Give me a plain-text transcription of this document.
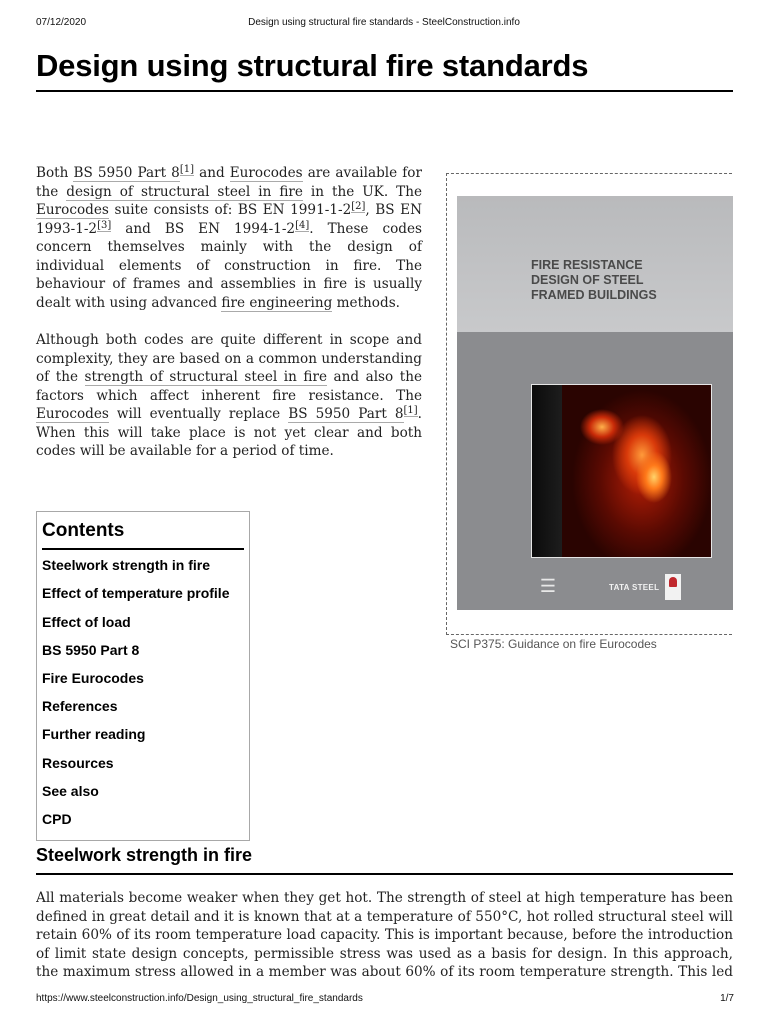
07/12/2020	Design using structural fire standards - SteelConstruction.info
Design using structural fire standards

Both BS 5950 Part 8[1] and Eurocodes are available for the design of structural steel in fire in the UK. The Eurocodes suite consists of: BS EN 1991-1-2[2], BS EN 1993-1-2[3] and BS EN 1994-1-2[4]. These codes concern themselves mainly with the design of individual elements of construction in fire. The behaviour of frames and assemblies in fire is usually dealt with using advanced fire engineering methods.

Although both codes are quite different in scope and complexity, they are based on a common understanding of the strength of structural steel in fire and also the factors which affect inherent fire resistance. The Eurocodes will eventually replace BS 5950 Part 8[1]. When this will take place is not yet clear and both codes will be available for a period of time.

FIRE RESISTANCE
DESIGN OF STEEL
FRAMED BUILDINGS
☰	TATA STEEL
SCI P375: Guidance on fire Eurocodes
Contents
Steelwork strength in fire
Effect of temperature profile
Effect of load
BS 5950 Part 8
Fire Eurocodes
References
Further reading
Resources
See also
CPD
Steelwork strength in fire

All materials become weaker when they get hot. The strength of steel at high temperature has been defined in great detail and it is known that at a temperature of 550°C, hot rolled structural steel will retain 60% of its room temperature load capacity. This is important because, before the introduction of limit state design concepts, permissible stress was used as a basis for design. In this approach, the maximum stress allowed in a member was about 60% of its room temperature strength. This led

https://www.steelconstruction.info/Design_using_structural_fire_standards	1/7
